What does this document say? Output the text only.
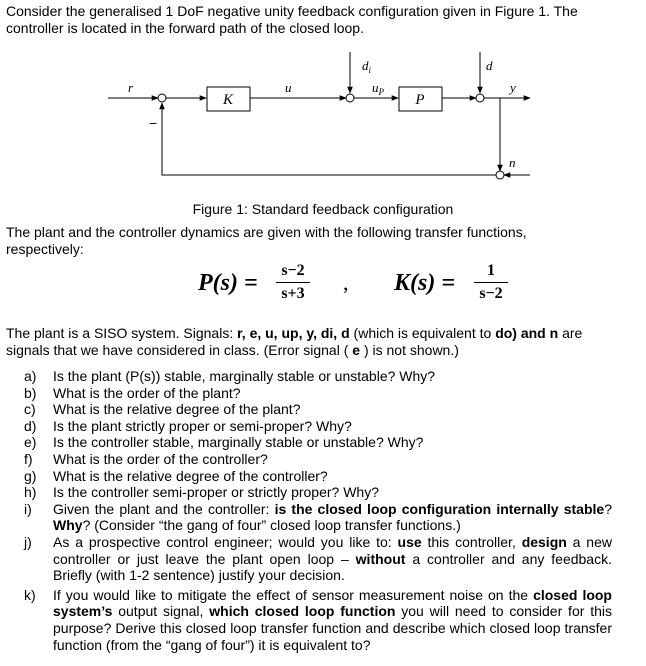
Consider the generalised 1 DoF negative unity feedback configuration given in Figure 1. The
controller is located in the forward path of the closed loop.

r
−
K
u
$d_i$
$u_P$ P
d
y
n
Figure 1: Standard feedback configuration

The plant and the controller dynamics are given with the following transfer functions,
respectively:

P(s) =	s−2
s+3 , K(s) =	1
s−2

The plant is a SISO system. Signals: r, e, u, up, y, di, d (which is equivalent to do) and n are
signals that we have considered in class. (Error signal ( e ) is not shown.)

a) Is the plant (P(s)) stable, marginally stable or unstable? Why?
b) What is the order of the plant?
c) What is the relative degree of the plant?
d) Is the plant strictly proper or semi-proper? Why?
e) Is the controller stable, marginally stable or unstable? Why?
f) What is the order of the controller?
g) What is the relative degree of the controller?
h) Is the controller semi-proper or strictly proper? Why?
i) Given the plant and the controller: is the closed loop configuration internally stable? Why? (Consider “the gang of four” closed loop transfer functions.)
j) As a prospective control engineer; would you like to: use this controller, design a new controller or just leave the plant open loop – without a controller and any feedback. Briefly (with 1-2 sentence) justify your decision.
k) If you would like to mitigate the effect of sensor measurement noise on the closed loop system’s output signal, which closed loop function you will need to consider for this purpose? Derive this closed loop transfer function and describe which closed loop transfer function (from the “gang of four”) it is equivalent to?
